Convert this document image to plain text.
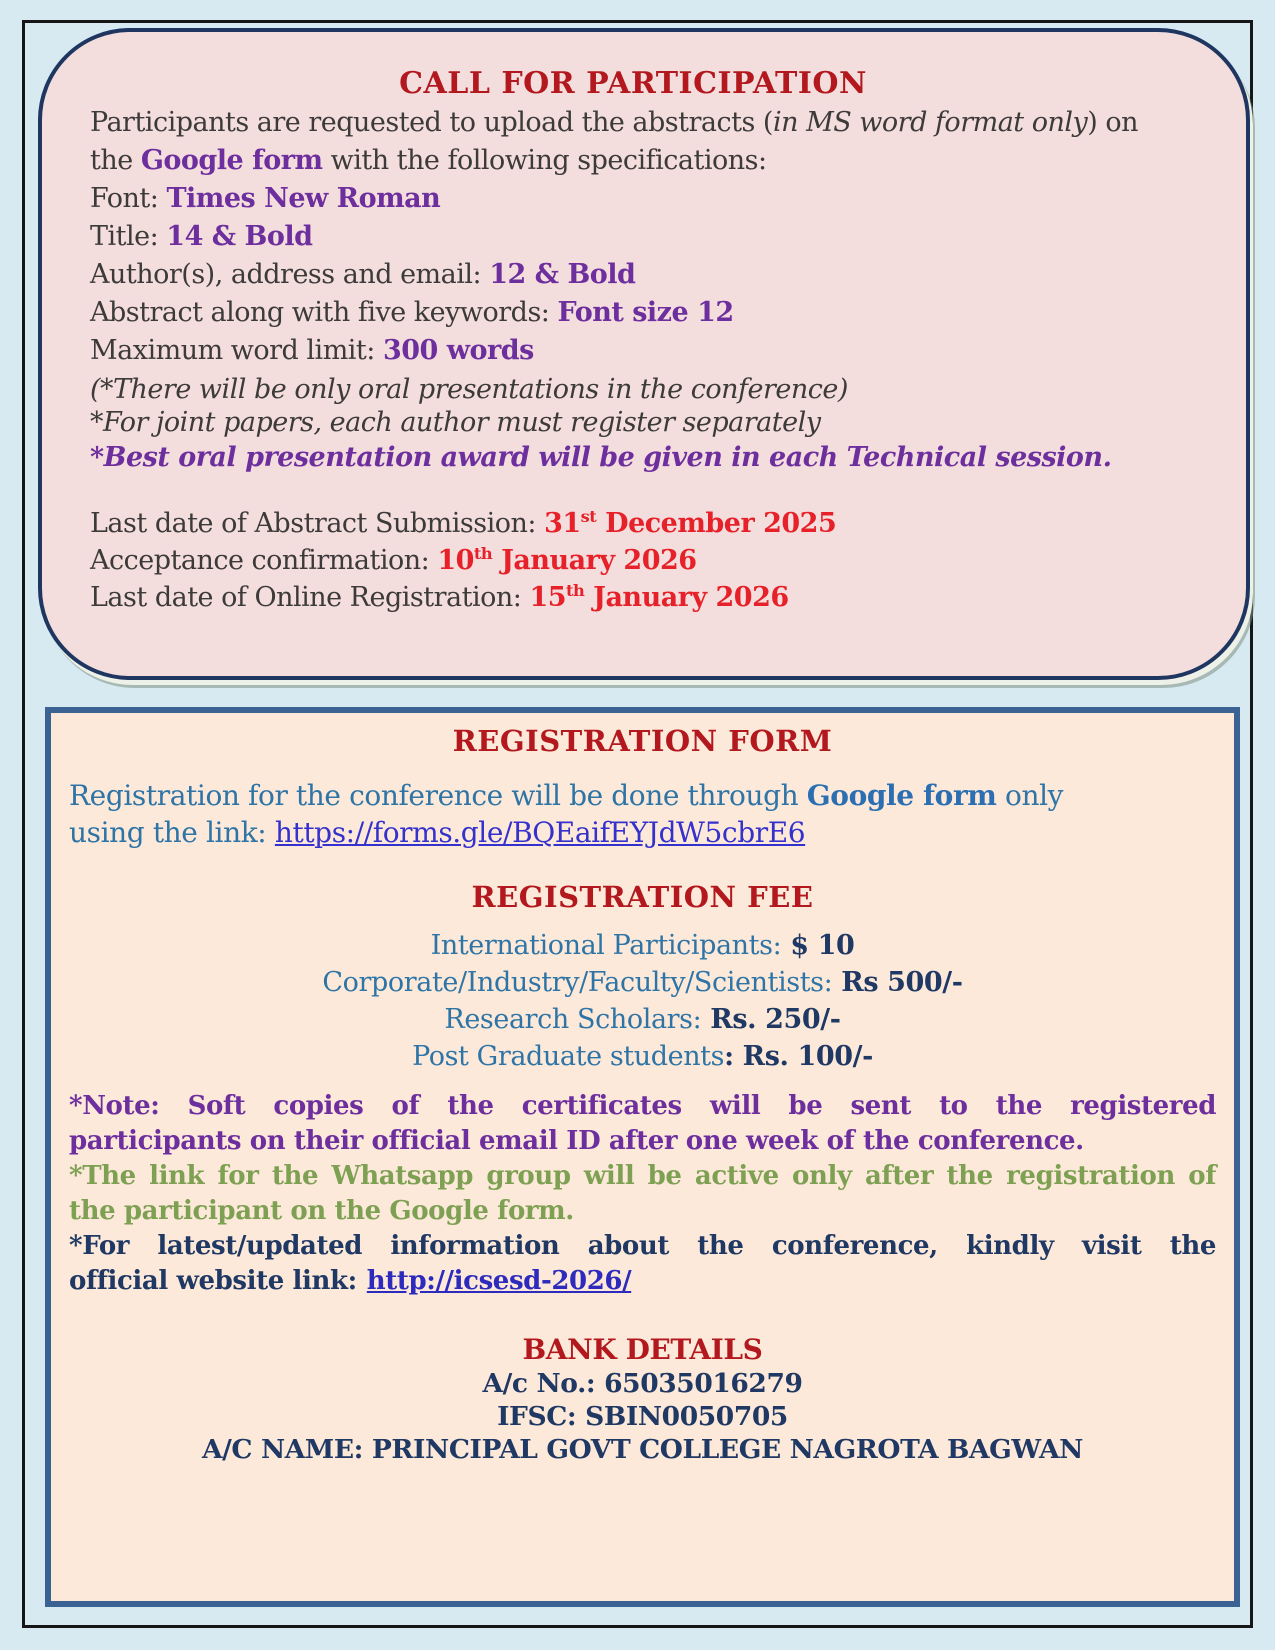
CALL FOR PARTICIPATION
Participants are requested to upload the abstracts (in MS word format only) on
the Google form with the following specifications:
Font: Times New Roman
Title: 14 & Bold
Author(s), address and email: 12 & Bold
Abstract along with five keywords: Font size 12
Maximum word limit: 300 words
(*There will be only oral presentations in the conference)
*For joint papers, each author must register separately
*Best oral presentation award will be given in each Technical session.
Last date of Abstract Submission: 31st December 2025
Acceptance confirmation: 10th January 2026
Last date of Online Registration: 15th January 2026
REGISTRATION FORM
Registration for the conference will be done through Google form only
using the link: https://forms.gle/BQEaifEYJdW5cbrE6
REGISTRATION FEE
International Participants: $ 10
Corporate/Industry/Faculty/Scientists: Rs 500/-
Research Scholars: Rs. 250/-
Post Graduate students: Rs. 100/-
*Note: Soft copies of the certificates will be sent to the registered
participants on their official email ID after one week of the conference.
*The link for the Whatsapp group will be active only after the registration of
the participant on the Google form.
*For latest/updated information about the conference, kindly visit the
official website link: http://icsesd-2026/
BANK DETAILS
A/c No.: 65035016279
IFSC: SBIN0050705
A/C NAME: PRINCIPAL GOVT COLLEGE NAGROTA BAGWAN
